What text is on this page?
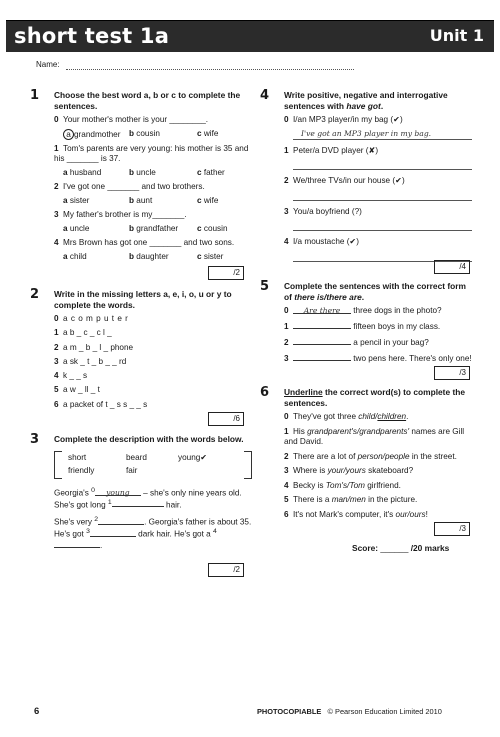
short test 1a	Unit 1
Name:
1 Choose the best word a, b or c to complete the sentences.
0 Your mother's mother is your ________.
a grandmother	b cousin	c wife
1 Tom's parents are very young: his mother is 35 and his _______ is 37.
a husband	b uncle	c father
2 I've got one _______ and two brothers.
a sister	b aunt	c wife
3 My father's brother is my_______.
a uncle	b grandfather	c cousin
4 Mrs Brown has got one _______ and two sons.
a child	b daughter	c sister
/2
2 Write in the missing letters a, e, i, o, u or y to complete the words.
0 a c o m p u t e r
1 a b _ c _ c l _
2 a m _ b _ l _ phone
3 a sk _ t _ b _ _ rd
4 k _ _ s
5 a w _ ll _ t
6 a packet of t _ s s _ _ s
/6
3 Complete the description with the words below.
short	beard	young✔
friendly	fair

Georgia's $^0$ young – she's only nine years old. She's got long $^1$	hair.

She's very $^2$	. Georgia's father is about 35. He's got $^3$	dark hair. He's got a $^4$.

/2
4 Write positive, negative and interrogative sentences with have got.
0 I/an MP3 player/in my bag (✔)
I've got an MP3 player in my bag.
1 Peter/a DVD player (✘)
2 We/three TVs/in our house (✔)
3 You/a boyfriend (?)
4 I/a moustache (✔)
/4
5 Complete the sentences with the correct form of there is/there are.
0 Are there three dogs in the photo?
1	fifteen boys in my class.
2	a pencil in your bag?
3	two pens here. There's only one!
/3
6 Underline the correct word(s) to complete the sentences.
0 They've got three child/children.
1 His grandparent's/grandparents' names are Gill and David.
2 There are a lot of person/people in the street.
3 Where is your/yours skateboard?
4 Becky is Tom's/Tom girlfriend.
5 There is a man/men in the picture.
6 It's not Mark's computer, it's our/ours!
/3
Score: ______ /20 marks
6	PHOTOCOPIABLE © Pearson Education Limited 2010
